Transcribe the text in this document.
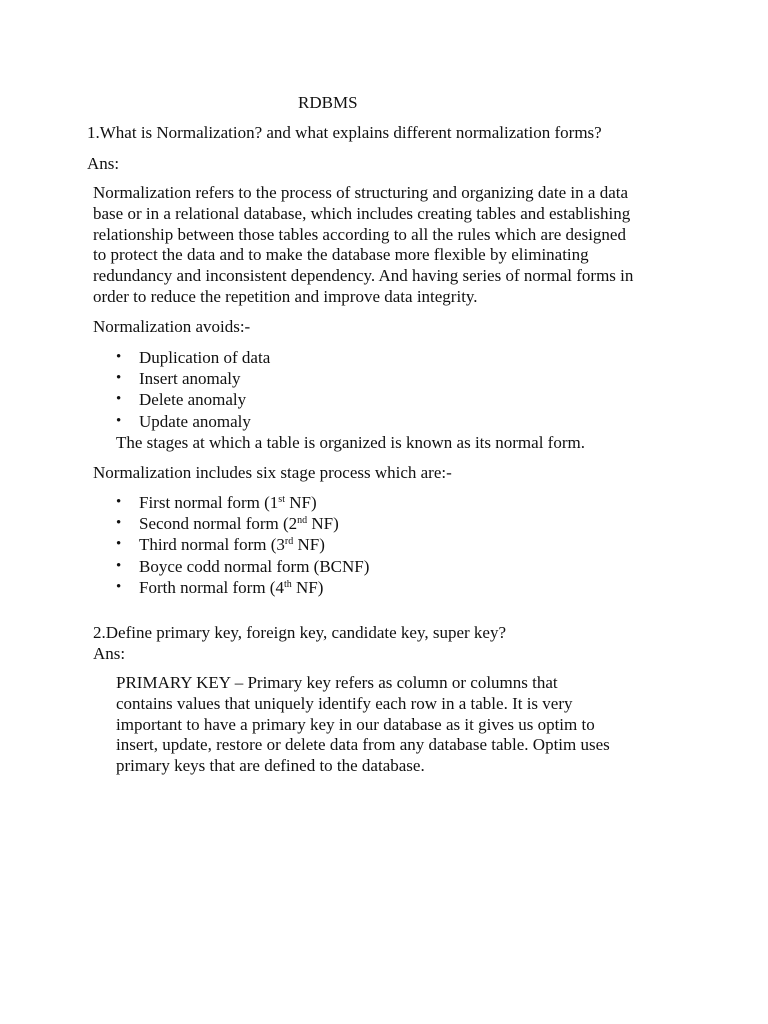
RDBMS
1.What is Normalization? and what explains different normalization forms?
Ans:
Normalization refers to the process of structuring and organizing date in a data
base or in a relational database, which includes creating tables and establishing
relationship between those tables according to all the rules which are designed
to protect the data and to make the database more flexible by eliminating
redundancy and inconsistent dependency. And having series of normal forms in
order to reduce the repetition and improve data integrity.
Normalization avoids:-
• Duplication of data
• Insert anomaly
• Delete anomaly
• Update anomaly
The stages at which a table is organized is known as its normal form.
Normalization includes six stage process which are:-
• First normal form (1st NF)
• Second normal form (2nd NF)
• Third normal form (3rd NF)
• Boyce codd normal form (BCNF)
• Forth normal form (4th NF)
2.Define primary key, foreign key, candidate key, super key?
Ans:
PRIMARY KEY – Primary key refers as column or columns that
contains values that uniquely identify each row in a table. It is very
important to have a primary key in our database as it gives us optim to
insert, update, restore or delete data from any database table. Optim uses
primary keys that are defined to the database.
